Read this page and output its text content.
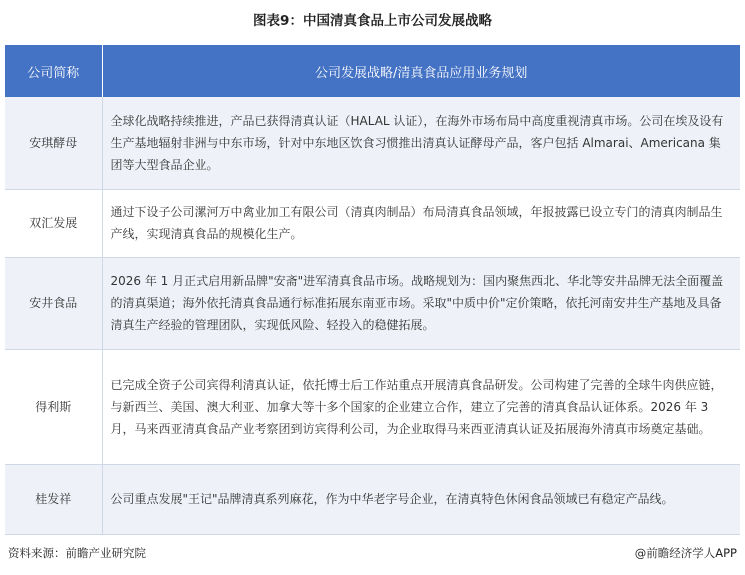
图表9：中国清真食品上市公司发展战略
公司简称	公司发展战略/清真食品应用业务规划
安琪酵母	全球化战略持续推进，产品已获得清真认证（HALAL 认证），在海外市场布局中高度重视清真市场。公司在埃及设有生产基地辐射非洲与中东市场，针对中东地区饮食习惯推出清真认证酵母产品，客户包括 Almarai、Americana 集团等大型食品企业。
双汇发展	通过下设子公司漯河万中禽业加工有限公司（清真肉制品）布局清真食品领域，年报披露已设立专门的清真肉制品生产线，实现清真食品的规模化生产。
安井食品	2026 年 1 月正式启用新品牌"安斋"进军清真食品市场。战略规划为：国内聚焦西北、华北等安井品牌无法全面覆盖的清真渠道；海外依托清真食品通行标准拓展东南亚市场。采取"中质中价"定价策略，依托河南安井生产基地及具备清真生产经验的管理团队，实现低风险、轻投入的稳健拓展。
得利斯	已完成全资子公司宾得利清真认证，依托博士后工作站重点开展清真食品研发。公司构建了完善的全球牛肉供应链，与新西兰、美国、澳大利亚、加拿大等十多个国家的企业建立合作，建立了完善的清真食品认证体系。2026 年 3 月，马来西亚清真食品产业考察团到访宾得利公司，为企业取得马来西亚清真认证及拓展海外清真市场奠定基础。
桂发祥	公司重点发展"王记"品牌清真系列麻花，作为中华老字号企业，在清真特色休闲食品领域已有稳定产品线。
资料来源：前瞻产业研究院	@前瞻经济学人APP
